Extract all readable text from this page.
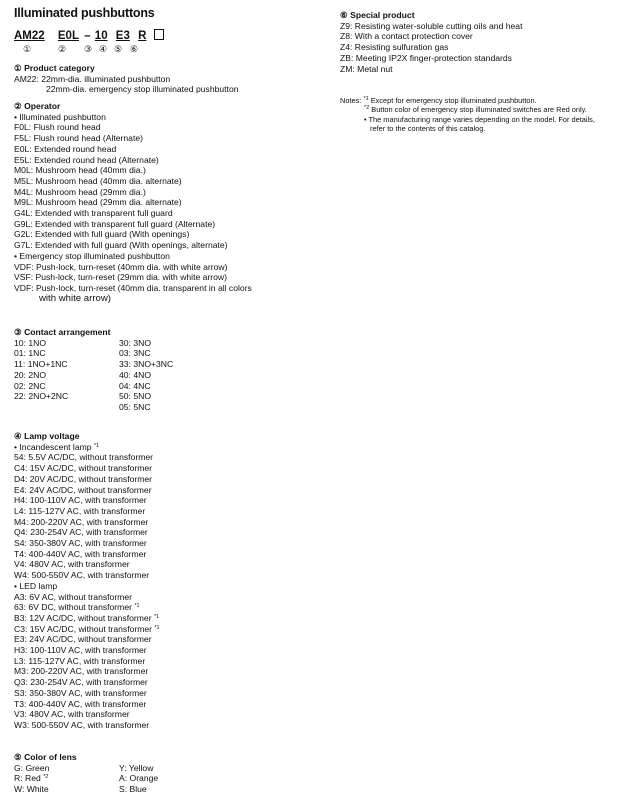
Illuminated pushbuttons
AM22 E0L – 10 E3 R
①	② ③ ④ ⑤ ⑥
① Product category
AM22: 22mm-dia. illuminated pushbutton
22mm-dia. emergency stop illuminated pushbutton
② Operator
• Illuminated pushbutton
F0L: Flush round head
F5L: Flush round head (Alternate)
E0L: Extended round head
E5L: Extended round head (Alternate)
M0L: Mushroom head (40mm dia.)
M5L: Mushroom head (40mm dia. alternate)
M4L: Mushroom head (29mm dia.)
M9L: Mushroom head (29mm dia. alternate)
G4L: Extended with transparent full guard
G9L: Extended with transparent full guard (Alternate)
G2L: Extended with full guard (With openings)
G7L: Extended with full guard (With openings, alternate)
• Emergency stop illuminated pushbutton
VDF: Push-lock, turn-reset (40mm dia. with white arrow)
VSF: Push-lock, turn-reset (29mm dia. with white arrow)
VDF: Push-lock, turn-reset (40mm dia. transparent in all colors
with white arrow)
③ Contact arrangement
10: 1NO	30: 3NO
01: 1NC	03: 3NC
11: 1NO+1NC	33: 3NO+3NC
20: 2NO	40: 4NO
02: 2NC	04: 4NC
22: 2NO+2NC	50: 5NO
05: 5NC
④ Lamp voltage
• Incandescent lamp $^{*1}$
54: 5.5V AC/DC, without transformer
C4: 15V AC/DC, without transformer
D4: 20V AC/DC, without transformer
E4: 24V AC/DC, without transformer
H4: 100-110V AC, with transformer
L4: 115-127V AC, with transformer
M4: 200-220V AC, with transformer
Q4: 230-254V AC, with transformer
S4: 350-380V AC, with transformer
T4: 400-440V AC, with transformer
V4: 480V AC, with transformer
W4: 500-550V AC, with transformer
• LED lamp
A3: 6V AC, without transformer
63: 6V DC, without transformer $^{*1}$
B3: 12V AC/DC, without transformer $^{*1}$
C3: 15V AC/DC, without transformer $^{*1}$
E3: 24V AC/DC, without transformer
H3: 100-110V AC, with transformer
L3: 115-127V AC, with transformer
M3: 200-220V AC, with transformer
Q3: 230-254V AC, with transformer
S3: 350-380V AC, with transformer
T3: 400-440V AC, with transformer
V3: 480V AC, with transformer
W3: 500-550V AC, with transformer
⑤ Color of lens
G: Green	Y: Yellow
R: Red $^{*2}$	A: Orange
W: White	S: Blue
⑥ Special product
Z9: Resisting water-soluble cutting oils and heat
Z8: With a contact protection cover
Z4: Resisting sulfuration gas
ZB: Meeting IP2X finger-protection standards
ZM: Metal nut
Notes: $^{*1}$ Except for emergency stop illuminated pushbutton.
$^{*2}$ Button color of emergency stop illuminated switches are Red only.
• The manufacturing range varies depending on the model. For details,
refer to the contents of this catalog.
